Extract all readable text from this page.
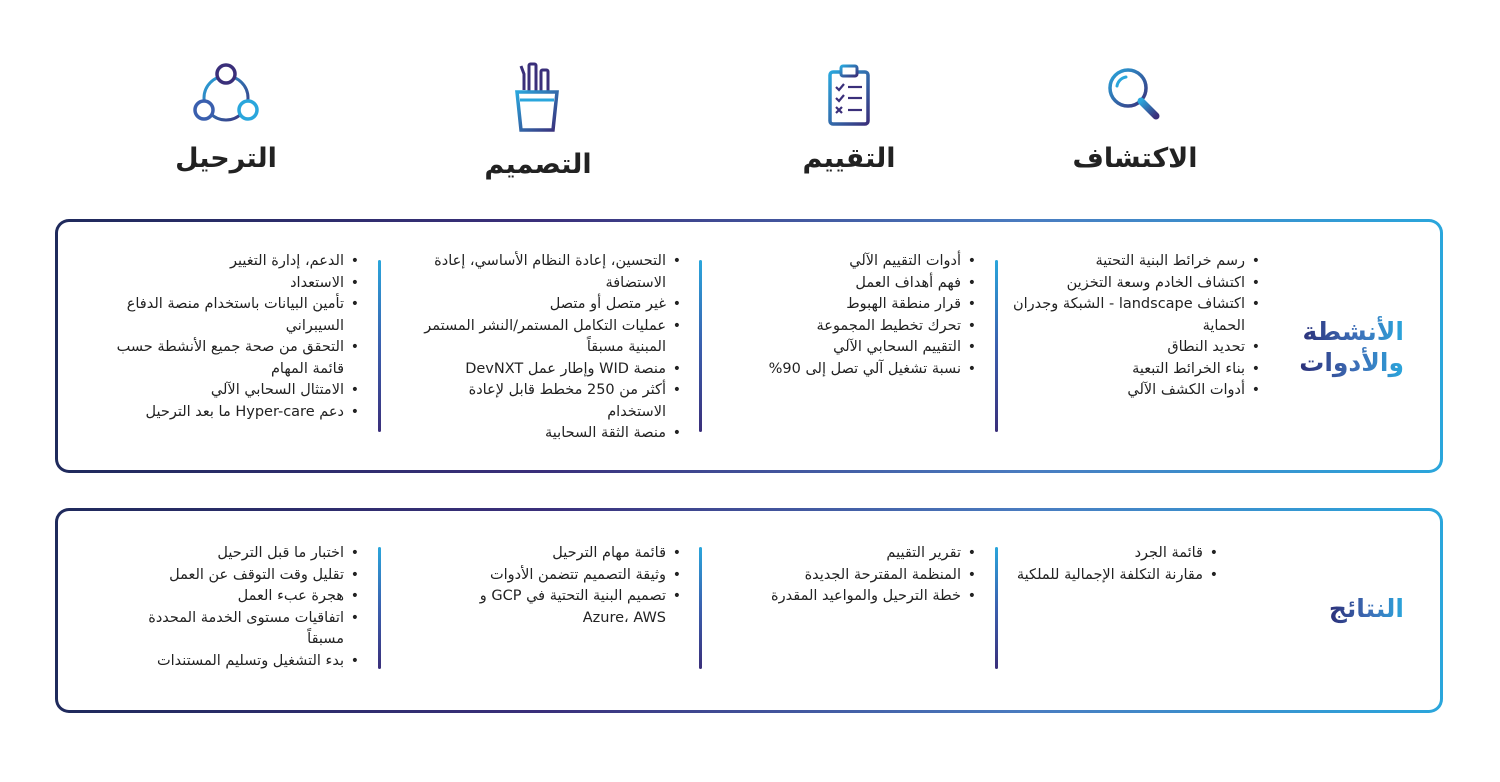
الاكتشاف
التقييم
التصميم
الترحيل
الأنشطة
والأدوات
• رسم خرائط البنية التحتية
• اكتشاف الخادم وسعة التخزين
• اكتشاف landscape - الشبكة وجدران الحماية
• تحديد النطاق
• بناء الخرائط التبعية
• أدوات الكشف الآلي
• أدوات التقييم الآلي
• فهم أهداف العمل
• قرار منطقة الهبوط
• تحرك تخطيط المجموعة
• التقييم السحابي الآلي
• نسبة تشغيل آلي تصل إلى 90%
• التحسين، إعادة النظام الأساسي، إعادة الاستضافة
• غير متصل أو متصل
• عمليات التكامل المستمر/النشر المستمر المبنية مسبقاً
• منصة WID وإطار عمل DevNXT
• أكثر من 250 مخطط قابل لإعادة الاستخدام
• منصة الثقة السحابية
• الدعم، إدارة التغيير
• الاستعداد
• تأمين البيانات باستخدام منصة الدفاع السيبراني
• التحقق من صحة جميع الأنشطة حسب قائمة المهام
• الامتثال السحابي الآلي
• دعم Hyper-care ما بعد الترحيل
النتائج
• قائمة الجرد
• مقارنة التكلفة الإجمالية للملكية
• تقرير التقييم
• المنظمة المقترحة الجديدة
• خطة الترحيل والمواعيد المقدرة
• قائمة مهام الترحيل
• وثيقة التصميم تتضمن الأدوات
• تصميم البنية التحتية في GCP و Azure، AWS
• اختبار ما قبل الترحيل
• تقليل وقت التوقف عن العمل
• هجرة عبء العمل
• اتفاقيات مستوى الخدمة المحددة مسبقاً
• بدء التشغيل وتسليم المستندات
